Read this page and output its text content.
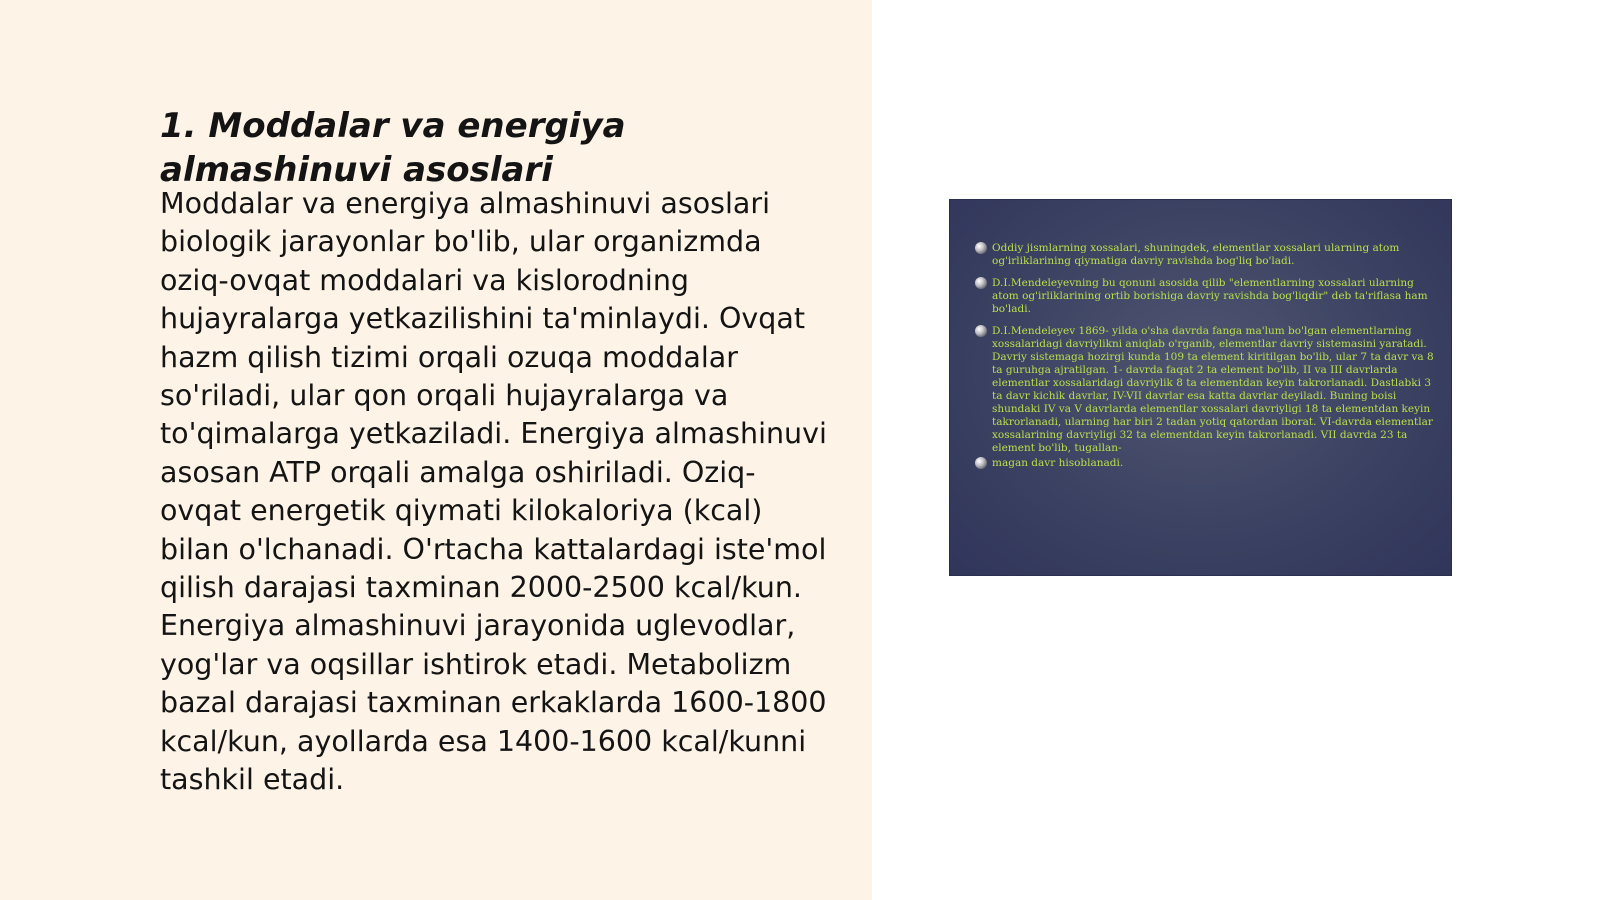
1. Moddalar va energiya almashinuvi asoslari

Moddalar va energiya almashinuvi asoslari biologik jarayonlar bo'lib, ular organizmda oziq-ovqat moddalari va kislorodning hujayralarga yetkazilishini ta'minlaydi. Ovqat hazm qilish tizimi orqali ozuqa moddalar so'riladi, ular qon orqali hujayralarga va to'qimalarga yetkaziladi. Energiya almashinuvi asosan ATP orqali amalga oshiriladi. Oziq-ovqat energetik qiymati kilokaloriya (kcal) bilan o'lchanadi. O'rtacha kattalardagi iste'mol qilish darajasi taxminan 2000-2500 kcal/kun. Energiya almashinuvi jarayonida uglevodlar, yog'lar va oqsillar ishtirok etadi. Metabolizm bazal darajasi taxminan erkaklarda 1600-1800 kcal/kun, ayollarda esa 1400-1600 kcal/kunni tashkil etadi.

Oddiy jismlarning xossalari, shuningdek, elementlar xossalari ularning atom og'irliklarining qiymatiga davriy ravishda bog'liq bo'ladi.
D.I.Mendeleyevning bu qonuni asosida qilib "elementlarning xossalari ularning atom og'irliklarining ortib borishiga davriy ravishda bog'liqdir" deb ta'riflasa ham bo'ladi.
D.I.Mendeleyev 1869- yilda o'sha davrda fanga ma'lum bo'lgan elementlarning xossalaridagi davriylikni aniqlab o'rganib, elementlar davriy sistemasini yaratadi. Davriy sistemaga hozirgi kunda 109 ta element kiritilgan bo'lib, ular 7 ta davr va 8 ta guruhga ajratilgan. 1- davrda faqat 2 ta element bo'lib, II va III davrlarda elementlar xossalaridagi davriylik 8 ta elementdan keyin takrorlanadi. Dastlabki 3 ta davr kichik davrlar, IV-VII davrlar esa katta davrlar deyiladi. Buning boisi shundaki IV va V davrlarda elementlar xossalari davriyligi 18 ta elementdan keyin takrorlanadi, ularning har biri 2 tadan yotiq qatordan iborat. VI-davrda elementlar xossalarining davriyligi 32 ta elementdan keyin takrorlanadi. VII davrda 23 ta element bo'lib, tugallan-
magan davr hisoblanadi.
